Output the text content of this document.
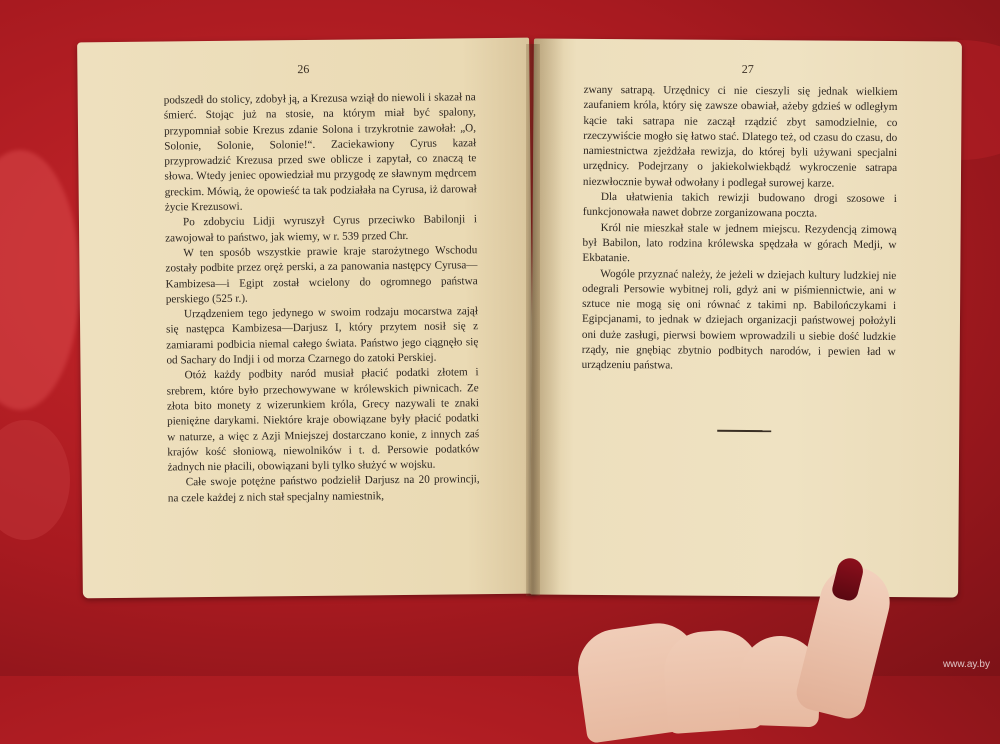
26

podszedł do stolicy, zdobył ją, a Krezusa wziął do niewoli i skazał na śmierć. Stojąc już na stosie, na którym miał być spalony, przypomniał sobie Krezus zdanie Solona i trzykrotnie zawołał: „O, Solonie, Solonie, Solonie!“. Zaciekawiony Cyrus kazał przyprowadzić Krezusa przed swe oblicze i zapytał, co znaczą te słowa. Wtedy jeniec opowiedział mu przygodę ze sławnym mędrcem greckim. Mówią, że opowieść ta tak podziałała na Cyrusa, iż darował życie Krezusowi.

Po zdobyciu Lidji wyruszył Cyrus przeciwko Babilonji i zawojował to państwo, jak wiemy, w r. 539 przed Chr.

W ten sposób wszystkie prawie kraje starożytnego Wschodu zostały podbite przez oręż perski, a za panowania następcy Cyrusa—Kambizesa—i Egipt został wcielony do ogromnego państwa perskiego (525 r.).

Urządzeniem tego jedynego w swoim rodzaju mocarstwa zajął się następca Kambizesa—Darjusz I, który przytem nosił się z zamiarami podbicia niemal całego świata. Państwo jego ciągnęło się od Sachary do Indji i od morza Czarnego do zatoki Perskiej.

Otóż każdy podbity naród musiał płacić podatki złotem i srebrem, które było przechowywane w królewskich piwnicach. Ze złota bito monety z wizerunkiem króla, Grecy nazywali te znaki pieniężne darykami. Niektóre kraje obowiązane były płacić podatki w naturze, a więc z Azji Mniejszej dostarczano konie, z innych zaś krajów kość słoniową, niewolników i t. d. Persowie podatków żadnych nie płacili, obowiązani byli tylko służyć w wojsku.

Całe swoje potężne państwo podzielił Darjusz na 20 prowincji, na czele każdej z nich stał specjalny namiestnik,

27

zwany satrapą. Urzędnicy ci nie cieszyli się jednak wielkiem zaufaniem króla, który się zawsze obawiał, ażeby gdzieś w odległym kącie taki satrapa nie zaczął rządzić zbyt samodzielnie, co rzeczywiście mogło się łatwo stać. Dlatego też, od czasu do czasu, do namiestnictwa zjeżdżała rewizja, do której byli używani specjalni urzędnicy. Podejrzany o jakiekolwiekbądź wykroczenie satrapa niezwłocznie bywał odwołany i podlegał surowej karze.

Dla ułatwienia takich rewizji budowano drogi szosowe i funkcjonowała nawet dobrze zorganizowana poczta.

Król nie mieszkał stale w jednem miejscu. Rezydencją zimową był Babilon, lato rodzina królewska spędzała w górach Medji, w Ekbatanie.

Wogóle przyznać należy, że jeżeli w dziejach kultury ludzkiej nie odegrali Persowie wybitnej roli, gdyż ani w piśmiennictwie, ani w sztuce nie mogą się oni równać z takimi np. Babilończykami i Egipcjanami, to jednak w dziejach organizacji państwowej położyli oni duże zasługi, pierwsi bowiem wprowadzili u siebie dość ludzkie rządy, nie gnębiąc zbytnio podbitych narodów, i pewien ład w urządzeniu państwa.

www.ay.by
